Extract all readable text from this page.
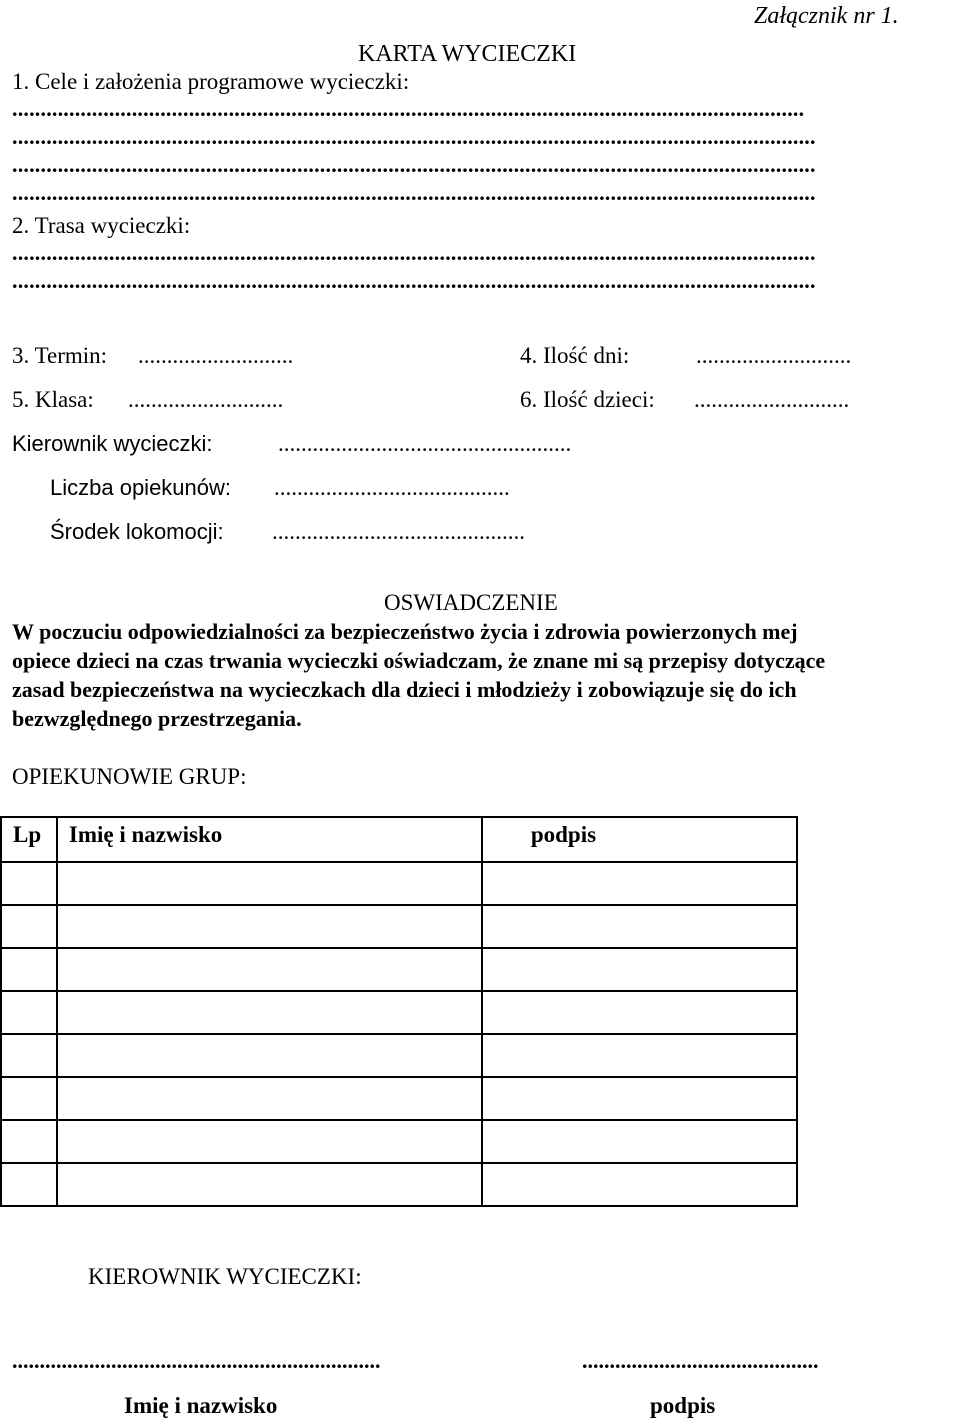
Załącznik nr 1.
KARTA WYCIECZKI
1. Cele i założenia programowe wycieczki:
...........................................................................................................................................
.............................................................................................................................................
.............................................................................................................................................
.............................................................................................................................................
2. Trasa wycieczki:
.............................................................................................................................................
.............................................................................................................................................
3. Termin: ...........................	4. Ilość dni:	...........................
5. Klasa: ...........................	6. Ilość dzieci: ...........................
Kierownik wycieczki:	...................................................
Liczba opiekunów: .........................................
Środek lokomocji: ............................................
OSWIADCZENIE
W poczuciu odpowiedzialności za bezpieczeństwo życia i zdrowia powierzonych mej
opiece dzieci na czas trwania wycieczki oświadczam, że znane mi są przepisy dotyczące
zasad bezpieczeństwa na wycieczkach dla dzieci i młodzieży i zobowiązuje się do ich
bezwzględnego przestrzegania.
OPIEKUNOWIE GRUP:
Lp	Imię i nazwisko	podpis

KIEROWNIK WYCIECZKI:
...................................................................	...........................................
Imię i nazwisko	podpis
